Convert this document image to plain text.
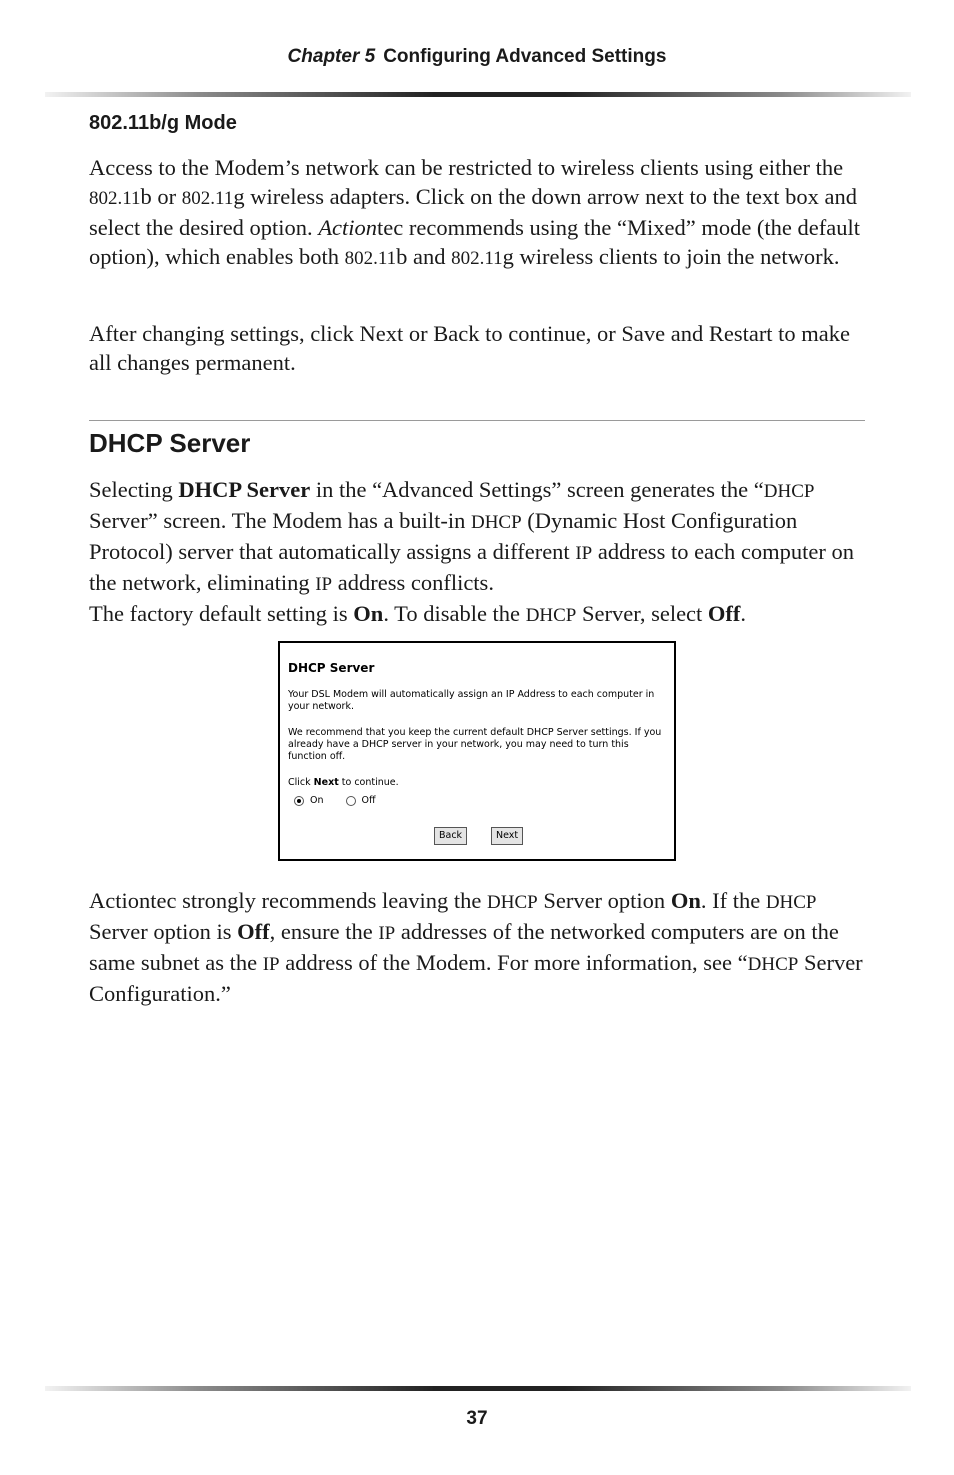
Chapter 5 Configuring Advanced Settings
802.11b/g Mode

Access to the Modem’s network can be restricted to wireless clients using either the 802.11b or 802.11g wireless adapters. Click on the down arrow next to the text box and select the desired option. Actiontec recommends using the “Mixed” mode (the default option), which enables both 802.11b and 802.11g wireless clients to join the network.

After changing settings, click Next or Back to continue, or Save and Restart to make all changes permanent.

DHCP Server

Selecting DHCP Server in the “Advanced Settings” screen generates the “DHCP Server” screen. The Modem has a built-in DHCP (Dynamic Host Configuration Protocol) server that automatically assigns a different IP address to each computer on the network, eliminating IP address conflicts.

The factory default setting is On. To disable the DHCP Server, select Off.

DHCP Server
Your DSL Modem will automatically assign an IP Address to each computer in your network.
We recommend that you keep the current default DHCP Server settings. If you already have a DHCP server in your network, you may need to turn this function off.
Click Next to continue.
On	Off
Back	Next

Actiontec strongly recommends leaving the DHCP Server option On. If the DHCP Server option is Off, ensure the IP addresses of the networked computers are on the same subnet as the IP address of the Modem. For more information, see “DHCP Server Configuration.”

37
